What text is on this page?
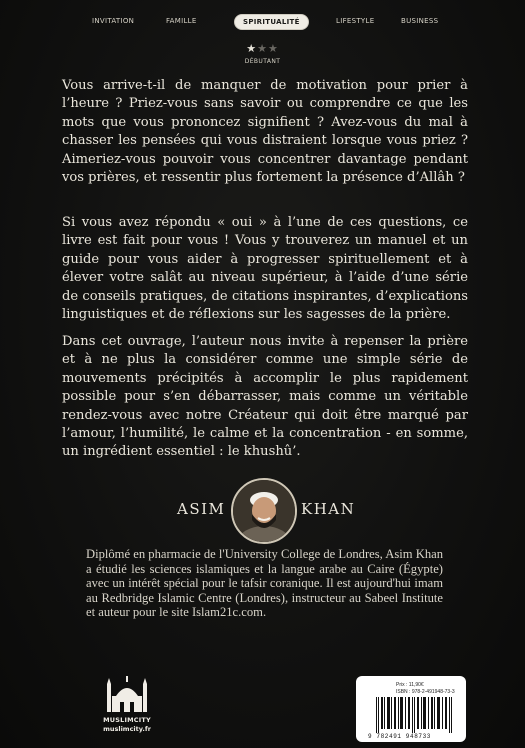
INVITATION	FAMILLE	SPIRITUALITÉ	LIFESTYLE	BUSINESS
★★★
DÉBUTANT

Vous arrive-t-il de manquer de motivation pour prier à l’heure ? Priez-vous sans savoir ou comprendre ce que les mots que vous prononcez signifient ? Avez-vous du mal à chasser les pensées qui vous distraient lorsque vous priez ? Aimeriez-vous pouvoir vous concentrer davantage pendant vos prières, et ressentir plus fortement la présence d’Allâh ?

Si vous avez répondu « oui » à l’une de ces questions, ce livre est fait pour vous ! Vous y trouverez un manuel et un guide pour vous aider à progresser spirituellement et à élever votre salât au niveau supérieur, à l’aide d’une série de conseils pratiques, de citations inspirantes, d’explications linguistiques et de réflexions sur les sagesses de la prière.

Dans cet ouvrage, l’auteur nous invite à repenser la prière et à ne plus la considérer comme une simple série de mouvements précipités à accomplir le plus rapidement possible pour s’en débarrasser, mais comme un véritable rendez-vous avec notre Créateur qui doit être marqué par l’amour, l’humilité, le calme et la concentration - en somme, un ingrédient essentiel : le khushû’.

ASIM	KHAN

Diplômé en pharmacie de l'University College de Londres, Asim Khan a étudié les sciences islamiques et la langue arabe au Caire (Égypte) avec un intérêt spécial pour le tafsir coranique. Il est aujourd'hui imam au Redbridge Islamic Centre (Londres), instructeur au Sabeel Institute et auteur pour le site Islam21c.com.

MUSLIMCITY
muslimcity.fr
Prix : 11,90€
ISBN : 978-2-491948-73-3
9 782491 948733
